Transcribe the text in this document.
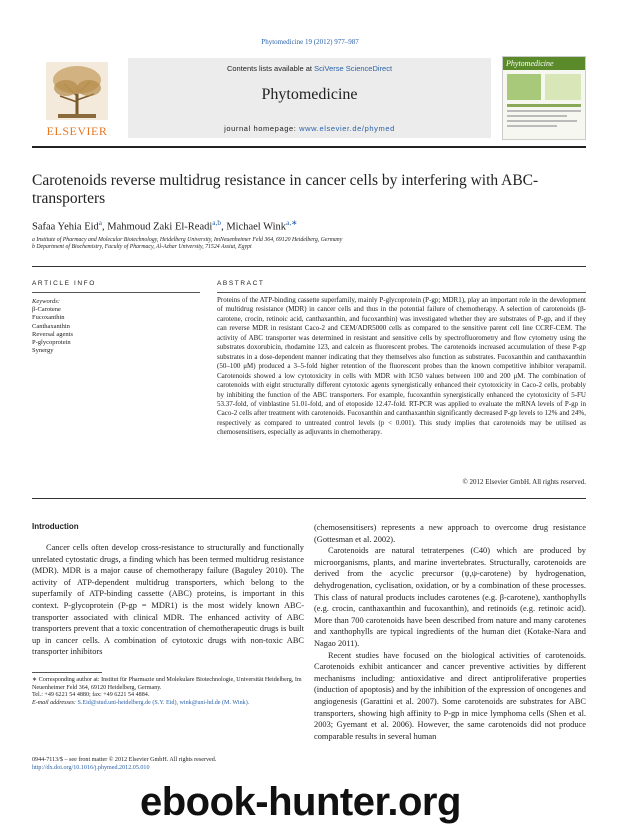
Phytomedicine 19 (2012) 977–987
Contents lists available at SciVerse ScienceDirect
Phytomedicine
journal homepage: www.elsevier.de/phymed
ELSEVIER
Phytomedicine
Carotenoids reverse multidrug resistance in cancer cells by interfering with ABC-transporters
Safaa Yehia Eid$^a$, Mahmoud Zaki El-Readi$^{a,b}$, Michael Wink$^{a,∗}$
a Institute of Pharmacy and Molecular Biotechnology, Heidelberg University, ImNeuenheimer Feld 364, 69120 Heidelberg, Germany
b Department of Biochemistry, Faculty of Pharmacy, Al-Azhar University, 71524 Assiut, Egypt
ARTICLE INFO	ABSTRACT
Keywords:
β-Carotene
Fucoxanthin
Canthaxanthin
Reversal agents
P-glycoprotein
Synergy
Proteins of the ATP-binding cassette superfamily, mainly P-glycoprotein (P-gp; MDR1), play an important role in the development of multidrug resistance (MDR) in cancer cells and thus in the potential failure of chemotherapy. A selection of carotenoids (β-carotene, crocin, retinoic acid, canthaxanthin, and fucoxanthin) was investigated whether they are substrates of P-gp, and if they can reverse MDR in resistant Caco-2 and CEM/ADR5000 cells as compared to the sensitive parent cell line CCRF-CEM. The activity of ABC transporter was determined in resistant and sensitive cells by spectrofluorometry and flow cytometry using the substrates doxorubicin, rhodamine 123, and calcein as fluorescent probes. The carotenoids increased accumulation of these P-gp substrates in a dose-dependent manner indicating that they themselves also function as substrates. Fucoxanthin and canthaxanthin (50–100 μM) produced a 3–5-fold higher retention of the fluorescent probes than the known competitive inhibitor verapamil. Carotenoids showed a low cytotoxicity in cells with MDR with IC50 values between 100 and 200 μM. The combination of carotenoids with eight structurally different cytotoxic agents synergistically enhanced their cytotoxicity in Caco-2 cells, probably by inhibiting the function of the ABC transporters. For example, fucoxanthin synergistically enhanced the cytotoxicity of 5-FU 53.37-fold, of vinblastine 51.01-fold, and of etoposide 12.47-fold. RT-PCR was applied to evaluate the mRNA levels of P-gp in Caco-2 cells after treatment with carotenoids. Fucoxanthin and canthaxanthin significantly decreased P-gp levels to 12% and 24%, respectively as compared to untreated control levels (p < 0.001). This study implies that carotenoids may be utilised as chemosensitisers, especially as adjuvants in chemotherapy.
© 2012 Elsevier GmbH. All rights reserved.
Introduction

Cancer cells often develop cross-resistance to structurally and functionally unrelated cytostatic drugs, a finding which has been termed multidrug resistance (MDR). MDR is a major cause of chemotherapy failure (Baguley 2010). The activity of ATP-dependent multidrug transporters, which belong to the superfamily of ATP-binding cassette (ABC) proteins, is important in this context. P-glycoprotein (P-gp = MDR1) is the most widely known ABC-transporter associated with clinical MDR. The enhanced activity of ABC transporters prevent that a toxic concentration of chemotherapeutic drugs is built up in cancer cells. A combination of cytotoxic drugs with non-toxic ABC transporter inhibitors

(chemosensitisers) represents a new approach to overcome drug resistance (Gottesman et al. 2002).

Carotenoids are natural tetraterpenes (C40) which are produced by microorganisms, plants, and marine invertebrates. Structurally, carotenoids are derived from the acyclic precursor (ψ,ψ-carotene) by hydrogenation, dehydrogenation, cyclisation, oxidation, or by a combination of these processes. This class of natural products includes carotenes (e.g. β-carotene), xanthophylls (e.g. crocin, canthaxanthin and fucoxanthin), and retinoids (e.g. retinoic acid). More than 700 carotenoids have been described from nature and many carotenes and xanthophylls are typical ingredients of the human diet (Kotake-Nara and Nagao 2011).

Recent studies have focused on the biological activities of carotenoids. Carotenoids exhibit anticancer and cancer preventive activities by different mechanisms including: antioxidative and direct antiproliferative properties (induction of apoptosis) and by the inhibition of the expression of oncogenes and angiogenesis (Garattini et al. 2007). Some carotenoids are substrates for ABC transporters, showing high affinity to P-gp in mice lymphoma cells (Shen et al. 2003; Gyemant et al. 2006). However, the same carotenoids did not produce comparable results in several human

∗ Corresponding author at: Institut für Pharmazie und Molekulare Biotechnologie, Universität Heidelberg, Im Neuenheimer Feld 364, 69120 Heidelberg, Germany.
Tel.: +49 6221 54 4880; fax: +49 6221 54 4884.
E-mail addresses: S.Eid@stud.uni-heidelberg.de (S.Y. Eid), wink@uni-hd.de (M. Wink).
0944-7113/$ – see front matter © 2012 Elsevier GmbH. All rights reserved.
http://dx.doi.org/10.1016/j.phymed.2012.05.010
ebook-hunter.org
